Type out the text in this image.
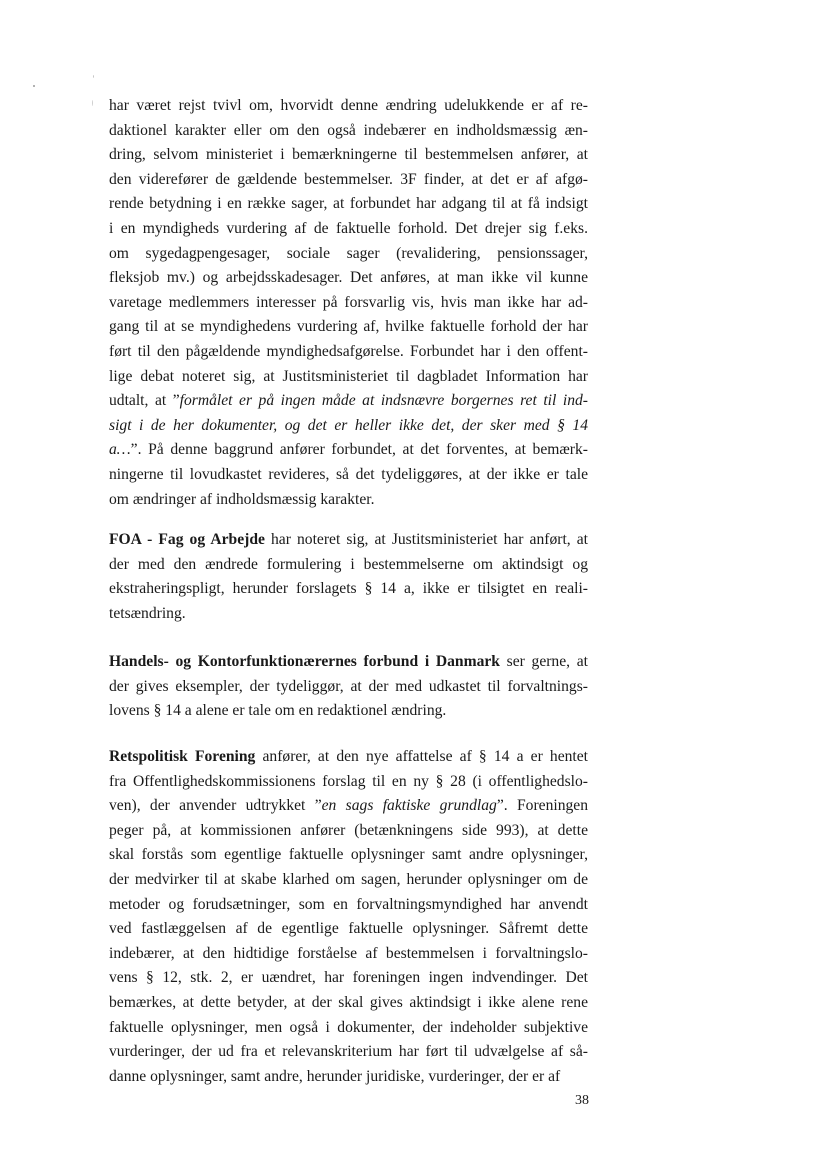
har været rejst tvivl om, hvorvidt denne ændring udelukkende er af re-
daktionel karakter eller om den også indebærer en indholdsmæssig æn-
dring, selvom ministeriet i bemærkningerne til bestemmelsen anfører, at
den viderefører de gældende bestemmelser. 3F finder, at det er af afgø-
rende betydning i en række sager, at forbundet har adgang til at få indsigt
i en myndigheds vurdering af de faktuelle forhold. Det drejer sig f.eks.
om sygedagpengesager, sociale sager (revalidering, pensionssager,
fleksjob mv.) og arbejdsskadesager. Det anføres, at man ikke vil kunne
varetage medlemmers interesser på forsvarlig vis, hvis man ikke har ad-
gang til at se myndighedens vurdering af, hvilke faktuelle forhold der har
ført til den pågældende myndighedsafgørelse. Forbundet har i den offent-
lige debat noteret sig, at Justitsministeriet til dagbladet Information har
udtalt, at ”formålet er på ingen måde at indsnævre borgernes ret til ind-
sigt i de her dokumenter, og det er heller ikke det, der sker med § 14
a…”. På denne baggrund anfører forbundet, at det forventes, at bemærk-
ningerne til lovudkastet revideres, så det tydeliggøres, at der ikke er tale
om ændringer af indholdsmæssig karakter.
FOA - Fag og Arbejde har noteret sig, at Justitsministeriet har anført, at
der med den ændrede formulering i bestemmelserne om aktindsigt og
ekstraheringspligt, herunder forslagets § 14 a, ikke er tilsigtet en reali-
tetsændring.
Handels- og Kontorfunktionærernes forbund i Danmark ser gerne, at
der gives eksempler, der tydeliggør, at der med udkastet til forvaltnings-
lovens § 14 a alene er tale om en redaktionel ændring.
Retspolitisk Forening anfører, at den nye affattelse af § 14 a er hentet
fra Offentlighedskommissionens forslag til en ny § 28 (i offentlighedslo-
ven), der anvender udtrykket ”en sags faktiske grundlag”. Foreningen
peger på, at kommissionen anfører (betænkningens side 993), at dette
skal forstås som egentlige faktuelle oplysninger samt andre oplysninger,
der medvirker til at skabe klarhed om sagen, herunder oplysninger om de
metoder og forudsætninger, som en forvaltningsmyndighed har anvendt
ved fastlæggelsen af de egentlige faktuelle oplysninger. Såfremt dette
indebærer, at den hidtidige forståelse af bestemmelsen i forvaltningslo-
vens § 12, stk. 2, er uændret, har foreningen ingen indvendinger. Det
bemærkes, at dette betyder, at der skal gives aktindsigt i ikke alene rene
faktuelle oplysninger, men også i dokumenter, der indeholder subjektive
vurderinger, der ud fra et relevanskriterium har ført til udvælgelse af så-
danne oplysninger, samt andre, herunder juridiske, vurderinger, der er af
38
